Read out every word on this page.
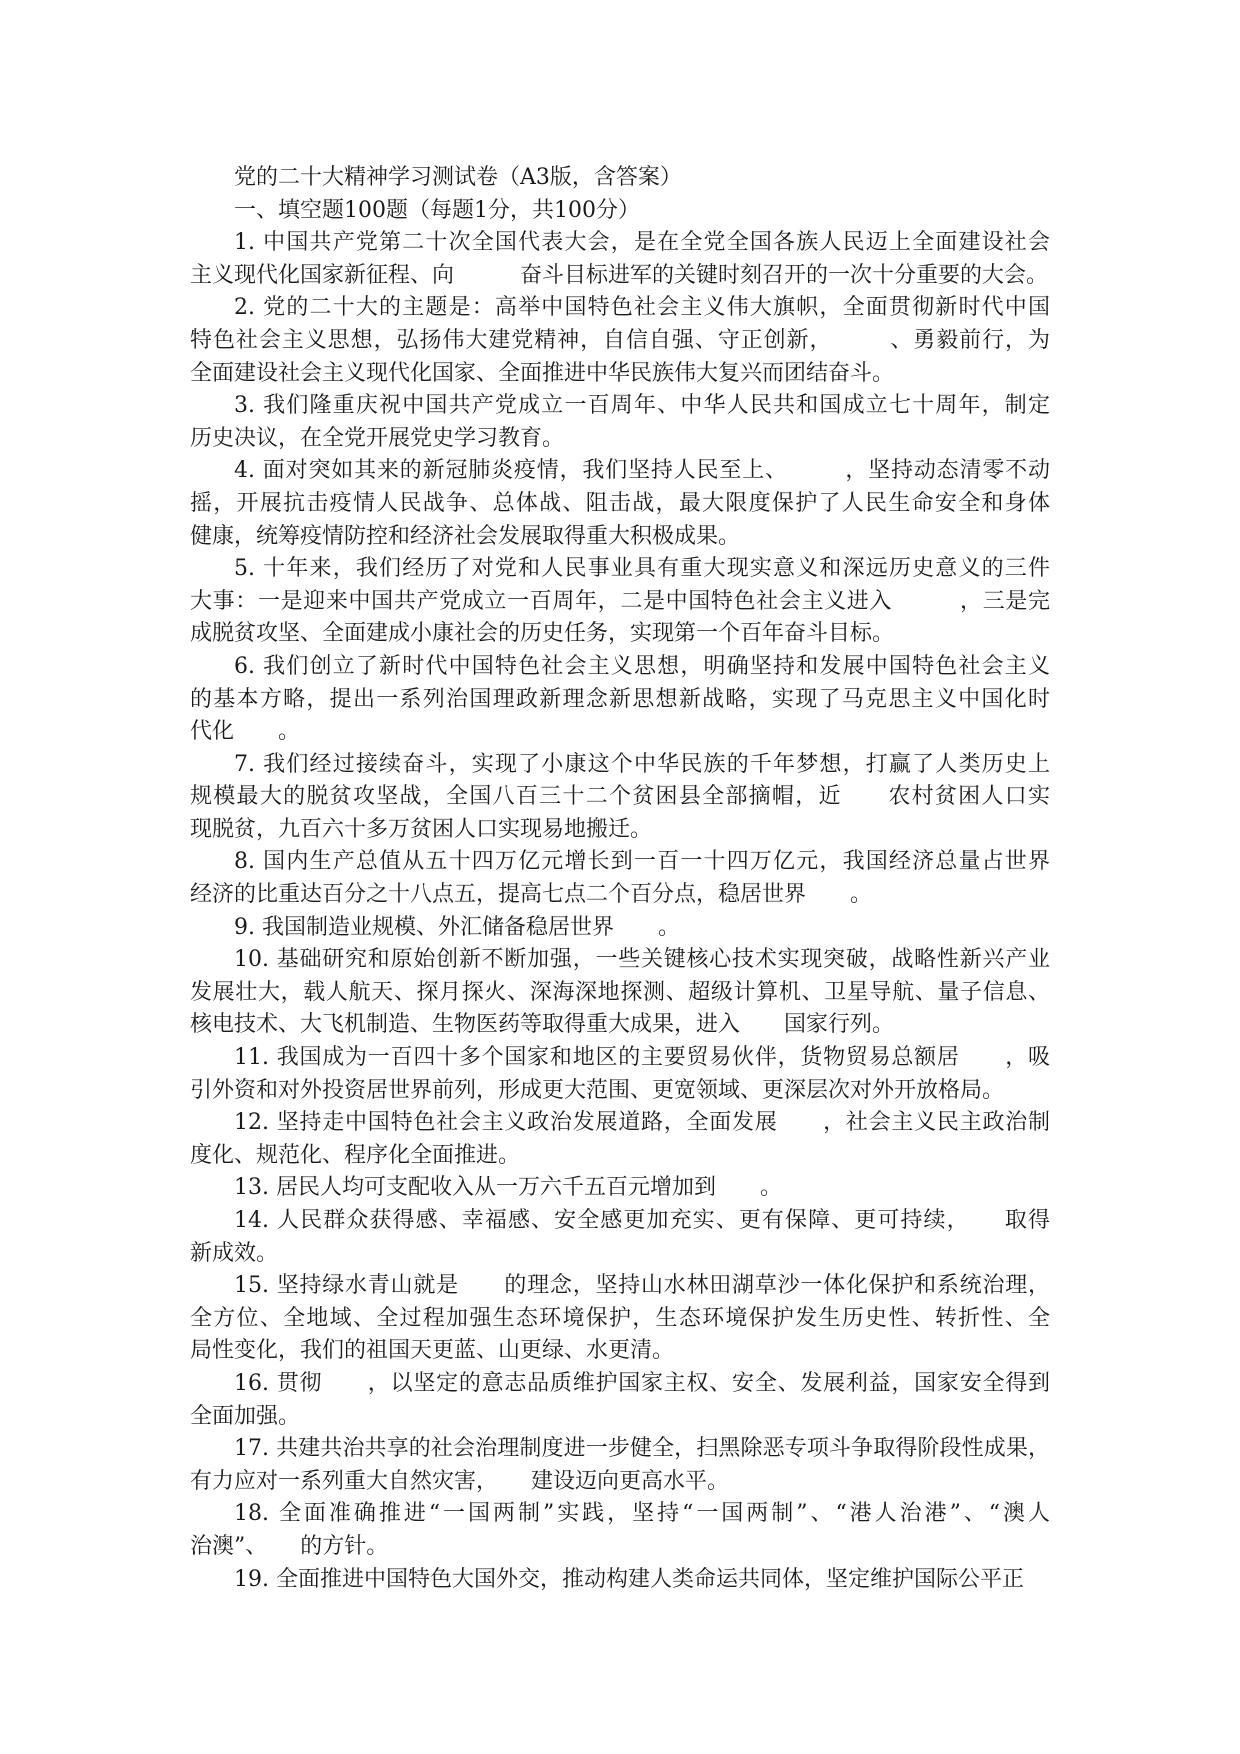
党的二十大精神学习测试卷（A3版，含答案）
一、填空题100题（每题1分，共100分）
1. 中国共产党第二十次全国代表大会，是在全党全国各族人民迈上全面建设社会
主义现代化国家新征程、向　　　奋斗目标进军的关键时刻召开的一次十分重要的大会。
2. 党的二十大的主题是：高举中国特色社会主义伟大旗帜，全面贯彻新时代中国
特色社会主义思想，弘扬伟大建党精神，自信自强、守正创新，　　　、勇毅前行，为
全面建设社会主义现代化国家、全面推进中华民族伟大复兴而团结奋斗。
3. 我们隆重庆祝中国共产党成立一百周年、中华人民共和国成立七十周年，制定
历史决议，在全党开展党史学习教育。
4. 面对突如其来的新冠肺炎疫情，我们坚持人民至上、　　　，坚持动态清零不动
摇，开展抗击疫情人民战争、总体战、阻击战，最大限度保护了人民生命安全和身体
健康，统筹疫情防控和经济社会发展取得重大积极成果。
5. 十年来，我们经历了对党和人民事业具有重大现实意义和深远历史意义的三件
大事：一是迎来中国共产党成立一百周年，二是中国特色社会主义进入　　　，三是完
成脱贫攻坚、全面建成小康社会的历史任务，实现第一个百年奋斗目标。
6. 我们创立了新时代中国特色社会主义思想，明确坚持和发展中国特色社会主义
的基本方略，提出一系列治国理政新理念新思想新战略，实现了马克思主义中国化时
代化　　。
7. 我们经过接续奋斗，实现了小康这个中华民族的千年梦想，打赢了人类历史上
规模最大的脱贫攻坚战，全国八百三十二个贫困县全部摘帽，近　　农村贫困人口实
现脱贫，九百六十多万贫困人口实现易地搬迁。
8. 国内生产总值从五十四万亿元增长到一百一十四万亿元，我国经济总量占世界
经济的比重达百分之十八点五，提高七点二个百分点，稳居世界　　。
9. 我国制造业规模、外汇储备稳居世界　　。
10. 基础研究和原始创新不断加强，一些关键核心技术实现突破，战略性新兴产业
发展壮大，载人航天、探月探火、深海深地探测、超级计算机、卫星导航、量子信息、
核电技术、大飞机制造、生物医药等取得重大成果，进入　　国家行列。
11. 我国成为一百四十多个国家和地区的主要贸易伙伴，货物贸易总额居　　，吸
引外资和对外投资居世界前列，形成更大范围、更宽领域、更深层次对外开放格局。
12. 坚持走中国特色社会主义政治发展道路，全面发展　　，社会主义民主政治制
度化、规范化、程序化全面推进。
13. 居民人均可支配收入从一万六千五百元增加到　　。
14. 人民群众获得感、幸福感、安全感更加充实、更有保障、更可持续，　　取得
新成效。
15. 坚持绿水青山就是　　的理念，坚持山水林田湖草沙一体化保护和系统治理，
全方位、全地域、全过程加强生态环境保护，生态环境保护发生历史性、转折性、全
局性变化，我们的祖国天更蓝、山更绿、水更清。
16. 贯彻　　，以坚定的意志品质维护国家主权、安全、发展利益，国家安全得到
全面加强。
17. 共建共治共享的社会治理制度进一步健全，扫黑除恶专项斗争取得阶段性成果，
有力应对一系列重大自然灾害，　　建设迈向更高水平。
18. 全面准确推进“一国两制”实践，坚持“一国两制”、“港人治港”、“澳人
治澳”、　　的方针。
19. 全面推进中国特色大国外交，推动构建人类命运共同体，坚定维护国际公平正
